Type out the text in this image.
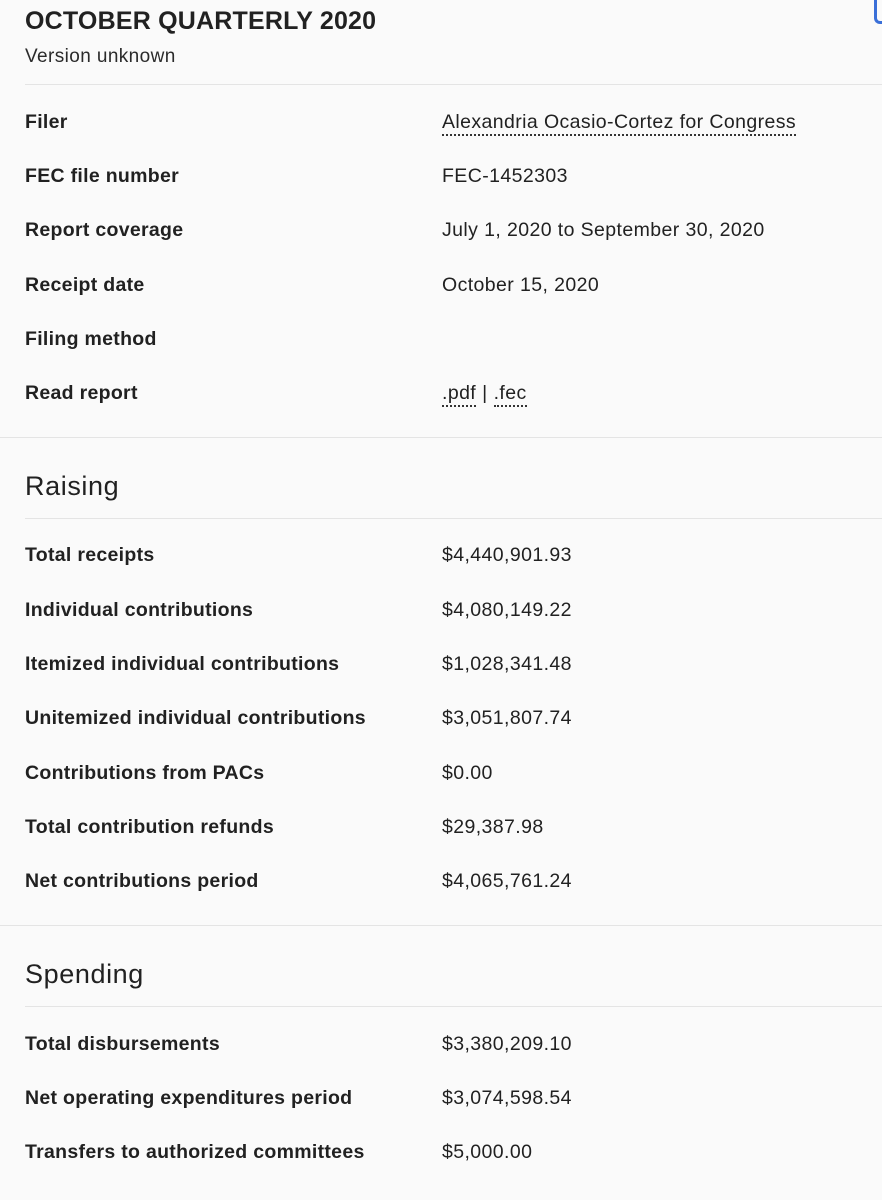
OCTOBER QUARTERLY 2020
Version unknown
Filer	Alexandria Ocasio-Cortez for Congress
FEC file number	FEC-1452303
Report coverage	July 1, 2020 to September 30, 2020
Receipt date	October 15, 2020
Filing method
Read report	.pdf | .fec
Raising
Total receipts	$4,440,901.93
Individual contributions	$4,080,149.22
Itemized individual contributions	$1,028,341.48
Unitemized individual contributions	$3,051,807.74
Contributions from PACs	$0.00
Total contribution refunds	$29,387.98
Net contributions period	$4,065,761.24
Spending
Total disbursements	$3,380,209.10
Net operating expenditures period	$3,074,598.54
Transfers to authorized committees	$5,000.00
